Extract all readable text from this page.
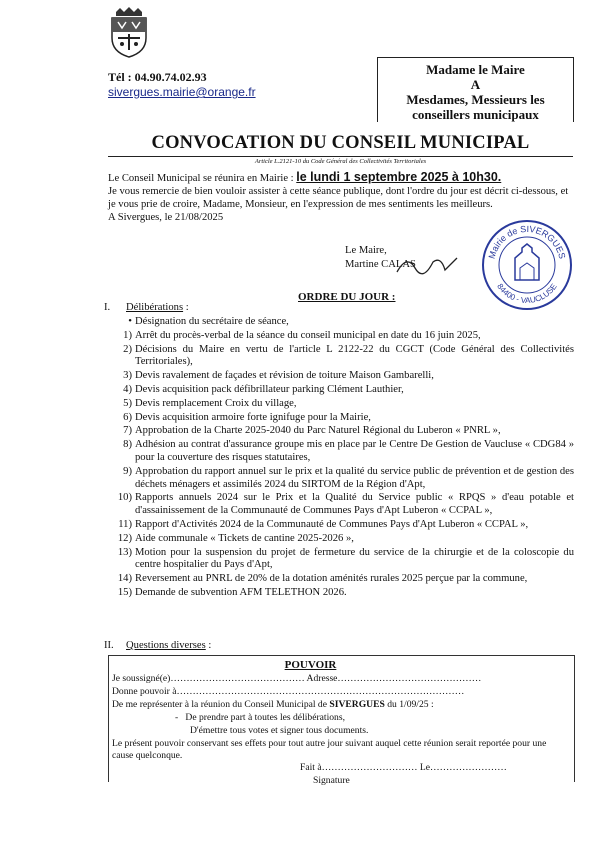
Tél : 04.90.74.02.93
sivergues.mairie@orange.fr
Madame le Maire
A
Mesdames, Messieurs les
conseillers municipaux
CONVOCATION DU CONSEIL MUNICIPAL
Article L.2121-10 du Code Général des Collectivités Territoriales
Le Conseil Municipal se réunira en Mairie : le lundi 1 septembre 2025 à 10h30.
Je vous remercie de bien vouloir assister à cette séance publique, dont l'ordre du jour est décrit ci-dessous, et je vous prie de croire, Madame, Monsieur, en l'expression de mes sentiments les meilleurs.
A Sivergues, le 21/08/2025
Le Maire,
Martine CALAS
Mairie de SIVERGUES
84400 - VAUCLUSE
ORDRE DU JOUR :
I. Délibérations :
• Désignation du secrétaire de séance,
1) Arrêt du procès-verbal de la séance du conseil municipal en date du 16 juin 2025,
2) Décisions du Maire en vertu de l'article L 2122-22 du CGCT (Code Général des Collectivités Territoriales),
3) Devis ravalement de façades et révision de toiture Maison Gambarelli,
4) Devis acquisition pack défibrillateur parking Clément Lauthier,
5) Devis remplacement Croix du village,
6) Devis acquisition armoire forte ignifuge pour la Mairie,
7) Approbation de la Charte 2025-2040 du Parc Naturel Régional du Luberon « PNRL »,
8) Adhésion au contrat d'assurance groupe mis en place par le Centre De Gestion de Vaucluse « CDG84 » pour la couverture des risques statutaires,
9) Approbation du rapport annuel sur le prix et la qualité du service public de prévention et de gestion des déchets ménagers et assimilés 2024 du SIRTOM de la Région d'Apt,
10) Rapports annuels 2024 sur le Prix et la Qualité du Service public « RPQS » d'eau potable et d'assainissement de la Communauté de Communes Pays d'Apt Luberon « CCPAL »,
11) Rapport d'Activités 2024 de la Communauté de Communes Pays d'Apt Luberon « CCPAL »,
12) Aide communale « Tickets de cantine 2025-2026 »,
13) Motion pour la suspension du projet de fermeture du service de la chirurgie et de la coloscopie du centre hospitalier du Pays d'Apt,
14) Reversement au PNRL de 20% de la dotation aménités rurales 2025 perçue par la commune,
15) Demande de subvention AFM TELETHON 2026.
II. Questions diverses :
POUVOIR
Je soussigné(e)…………………………………… Adresse………………………………………
Donne pouvoir à………………………………………………………………………………
De me représenter à la réunion du Conseil Municipal de SIVERGUES du 1/09/25 :
-   De prendre part à toutes les délibérations,
D'émettre tous votes et signer tous documents.
Le présent pouvoir conservant ses effets pour tout autre jour suivant auquel cette réunion serait reportée pour une cause quelconque.
Fait à………………………… Le……………………
Signature
